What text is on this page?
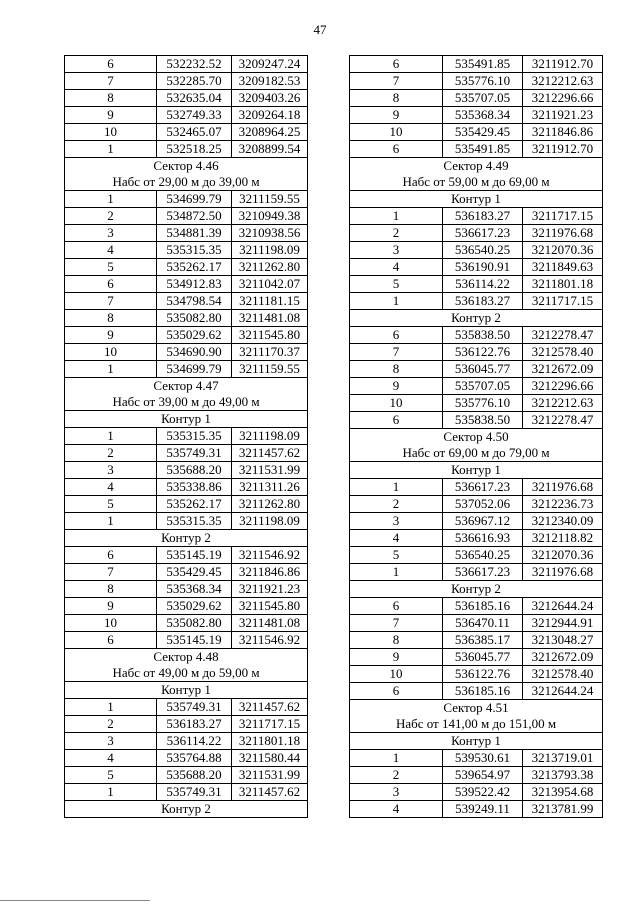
47
6	532232.52	3209247.24
7	532285.70	3209182.53
8	532635.04	3209403.26
9	532749.33	3209264.18
10	532465.07	3208964.25
1	532518.25	3208899.54
Сектор 4.46		
Набс от 29,00 м до 39,00 м		
1	534699.79	3211159.55
2	534872.50	3210949.38
3	534881.39	3210938.56
4	535315.35	3211198.09
5	535262.17	3211262.80
6	534912.83	3211042.07
7	534798.54	3211181.15
8	535082.80	3211481.08
9	535029.62	3211545.80
10	534690.90	3211170.37
1	534699.79	3211159.55
Сектор 4.47		
Набс от 39,00 м до 49,00 м		
Контур 1		
1	535315.35	3211198.09
2	535749.31	3211457.62
3	535688.20	3211531.99
4	535338.86	3211311.26
5	535262.17	3211262.80
1	535315.35	3211198.09
Контур 2		
6	535145.19	3211546.92
7	535429.45	3211846.86
8	535368.34	3211921.23
9	535029.62	3211545.80
10	535082.80	3211481.08
6	535145.19	3211546.92
Сектор 4.48		
Набс от 49,00 м до 59,00 м		
Контур 1		
1	535749.31	3211457.62
2	536183.27	3211717.15
3	536114.22	3211801.18
4	535764.88	3211580.44
5	535688.20	3211531.99
1	535749.31	3211457.62
Контур 2		
6	535491.85	3211912.70
7	535776.10	3212212.63
8	535707.05	3212296.66
9	535368.34	3211921.23
10	535429.45	3211846.86
6	535491.85	3211912.70
Сектор 4.49		
Набс от 59,00 м до 69,00 м		
Контур 1		
1	536183.27	3211717.15
2	536617.23	3211976.68
3	536540.25	3212070.36
4	536190.91	3211849.63
5	536114.22	3211801.18
1	536183.27	3211717.15
Контур 2		
6	535838.50	3212278.47
7	536122.76	3212578.40
8	536045.77	3212672.09
9	535707.05	3212296.66
10	535776.10	3212212.63
6	535838.50	3212278.47
Сектор 4.50		
Набс от 69,00 м до 79,00 м		
Контур 1		
1	536617.23	3211976.68
2	537052.06	3212236.73
3	536967.12	3212340.09
4	536616.93	3212118.82
5	536540.25	3212070.36
1	536617.23	3211976.68
Контур 2		
6	536185.16	3212644.24
7	536470.11	3212944.91
8	536385.17	3213048.27
9	536045.77	3212672.09
10	536122.76	3212578.40
6	536185.16	3212644.24
Сектор 4.51		
Набс от 141,00 м до 151,00 м		
Контур 1		
1	539530.61	3213719.01
2	539654.97	3213793.38
3	539522.42	3213954.68
4	539249.11	3213781.99
